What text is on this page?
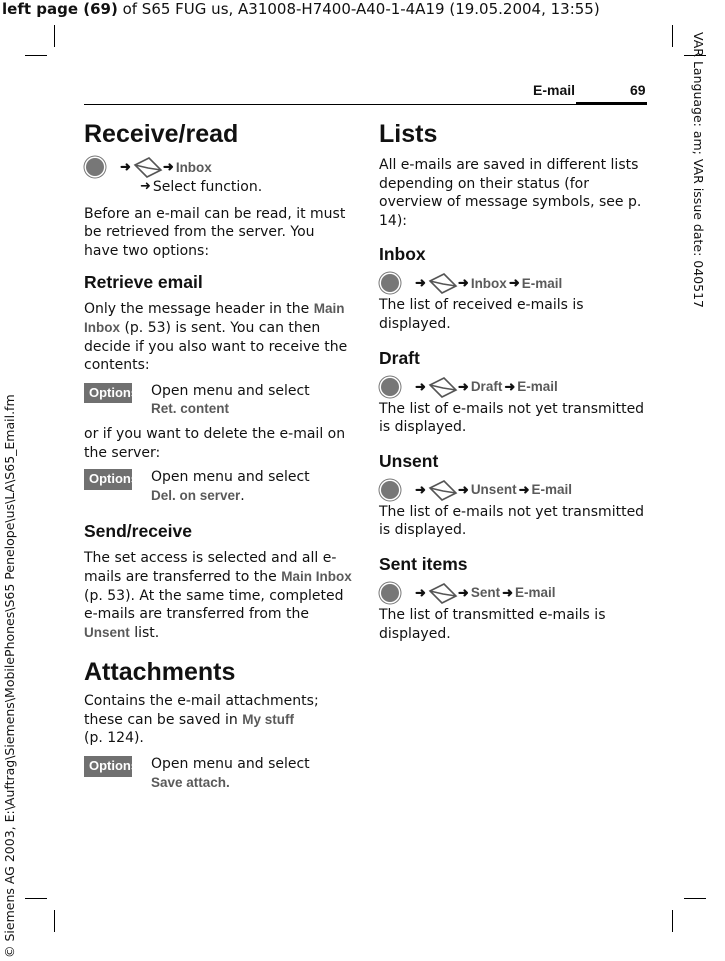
left page (69) of S65 FUG us, A31008-H7400-A40-1-4A19 (19.05.2004, 13:55)
VAR Language: am; VAR issue date: 040517
© Siemens AG 2003, E:\Auftrag\Siemens\MobilePhones\S65 Penelope\us\LA\S65_Email.fm
E-mail	69
Receive/read
➜ ➜ Inbox
➜ Select function.
Before an e-mail can be read, it must be retrieved from the server. You have two options:
Retrieve email
Only the message header in the Main Inbox (p. 53) is sent. You can then decide if you also want to receive the contents:
Options Open menu and select
Ret. content
or if you want to delete the e-mail on the server:
Options Open menu and select
Del. on server.
Send/receive
The set access is selected and all e-mails are transferred to the Main Inbox (p. 53). At the same time, completed e-mails are transferred from the Unsent list.
Attachments
Contains the e-mail attachments; these can be saved in My stuff
(p. 124).
Options Open menu and select
Save attach.
Lists
All e-mails are saved in different lists depending on their status (for overview of message symbols, see p. 14):
Inbox
➜ ➜ Inbox ➜ E-mail
The list of received e-mails is displayed.
Draft
➜ ➜ Draft ➜ E-mail
The list of e-mails not yet transmitted is displayed.
Unsent
➜ ➜ Unsent ➜ E-mail
The list of e-mails not yet transmitted is displayed.
Sent items
➜ ➜ Sent ➜ E-mail
The list of transmitted e-mails is displayed.
